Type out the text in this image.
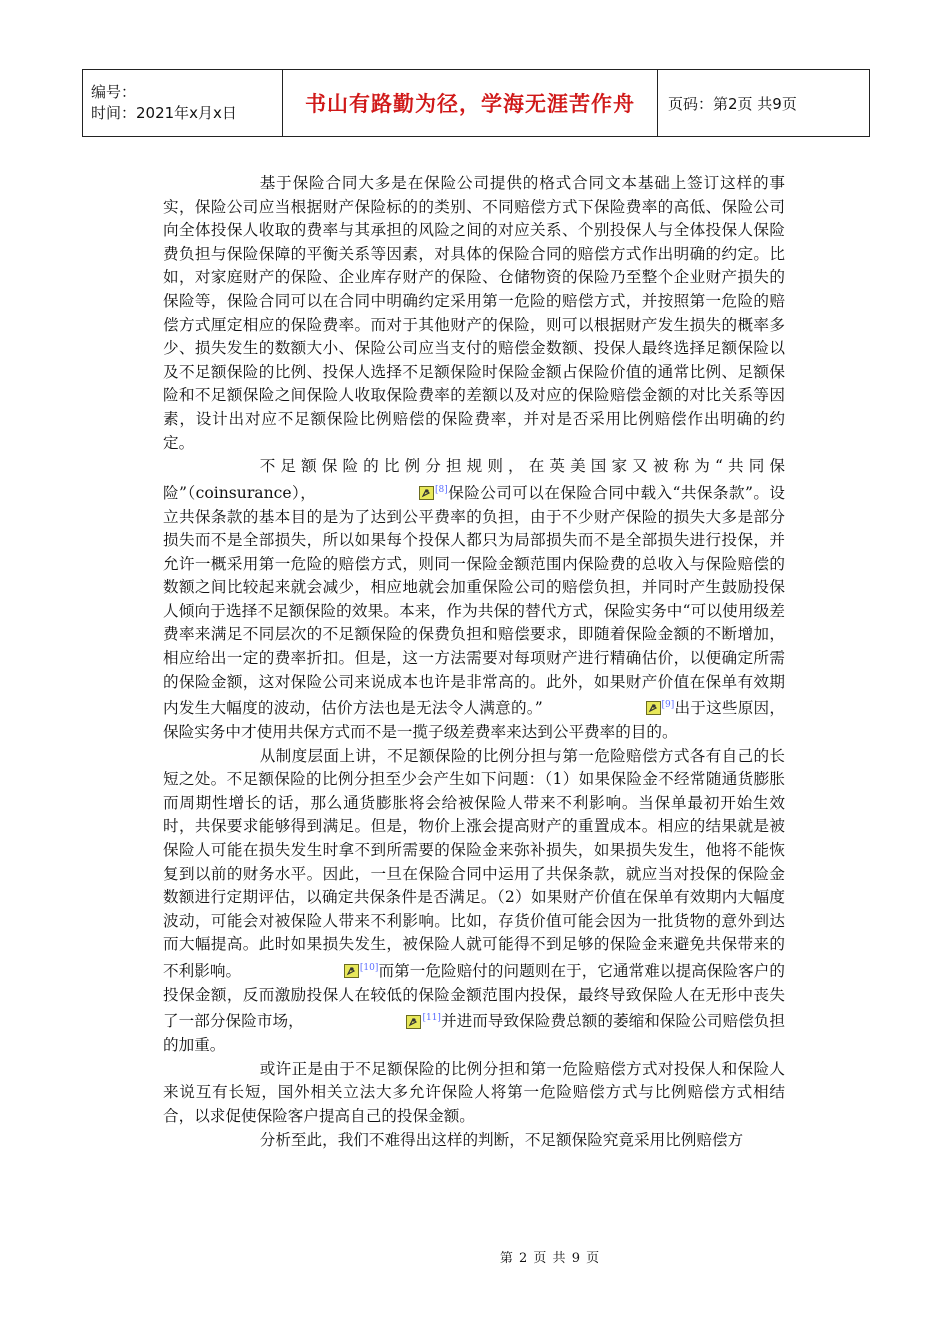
编号：
时间：2021年x月x日	书山有路勤为径，学海无涯苦作舟 页码：第2页 共9页

基于保险合同大多是在保险公司提供的格式合同文本基础上签订这样的事实，保险公司应当根据财产保险标的的类别、不同赔偿方式下保险费率的高低、保险公司向全体投保人收取的费率与其承担的风险之间的对应关系、个别投保人与全体投保人保险费负担与保险保障的平衡关系等因素，对具体的保险合同的赔偿方式作出明确的约定。比如，对家庭财产的保险、企业库存财产的保险、仓储物资的保险乃至整个企业财产损失的保险等，保险合同可以在合同中明确约定采用第一危险的赔偿方式，并按照第一危险的赔偿方式厘定相应的保险费率。而对于其他财产的保险，则可以根据财产发生损失的概率多少、损失发生的数额大小、保险公司应当支付的赔偿金数额、投保人最终选择足额保险以及不足额保险的比例、投保人选择不足额保险时保险金额占保险价值的通常比例、足额保险和不足额保险之间保险人收取保险费率的差额以及对应的保险赔偿金额的对比关系等因素，设计出对应不足额保险比例赔偿的保险费率，并对是否采用比例赔偿作出明确的约定。

不足额保险的比例分担规则，在英美国家又被称为“共同保险”（coinsurance），	[8]保险公司可以在保险合同中载入“共保条款”。设立共保条款的基本目的是为了达到公平费率的负担，由于不少财产保险的损失大多是部分损失而不是全部损失，所以如果每个投保人都只为局部损失而不是全部损失进行投保，并允许一概采用第一危险的赔偿方式，则同一保险金额范围内保险费的总收入与保险赔偿的数额之间比较起来就会减少，相应地就会加重保险公司的赔偿负担，并同时产生鼓励投保人倾向于选择不足额保险的效果。本来，作为共保的替代方式，保险实务中“可以使用级差费率来满足不同层次的不足额保险的保费负担和赔偿要求，即随着保险金额的不断增加，相应给出一定的费率折扣。但是，这一方法需要对每项财产进行精确估价，以便确定所需的保险金额，这对保险公司来说成本也许是非常高的。此外，如果财产价值在保单有效期内发生大幅度的波动，估价方法也是无法令人满意的。”	[9]出于这些原因，保险实务中才使用共保方式而不是一揽子级差费率来达到公平费率的目的。

从制度层面上讲，不足额保险的比例分担与第一危险赔偿方式各有自己的长短之处。不足额保险的比例分担至少会产生如下问题：（1）如果保险金不经常随通货膨胀而周期性增长的话，那么通货膨胀将会给被保险人带来不利影响。当保单最初开始生效时，共保要求能够得到满足。但是，物价上涨会提高财产的重置成本。相应的结果就是被保险人可能在损失发生时拿不到所需要的保险金来弥补损失，如果损失发生，他将不能恢复到以前的财务水平。因此，一旦在保险合同中运用了共保条款，就应当对投保的保险金数额进行定期评估，以确定共保条件是否满足。（2）如果财产价值在保单有效期内大幅度波动，可能会对被保险人带来不利影响。比如，存货价值可能会因为一批货物的意外到达而大幅提高。此时如果损失发生，被保险人就可能得不到足够的保险金来避免共保带来的不利影响。	[10]而第一危险赔付的问题则在于，它通常难以提高保险客户的投保金额，反而激励投保人在较低的保险金额范围内投保，最终导致保险人在无形中丧失了一部分保险市场，	[11]并进而导致保险费总额的萎缩和保险公司赔偿负担的加重。

或许正是由于不足额保险的比例分担和第一危险赔偿方式对投保人和保险人来说互有长短，国外相关立法大多允许保险人将第一危险赔偿方式与比例赔偿方式相结合，以求促使保险客户提高自己的投保金额。

分析至此，我们不难得出这样的判断，不足额保险究竟采用比例赔偿方

第 2 页 共 9 页
